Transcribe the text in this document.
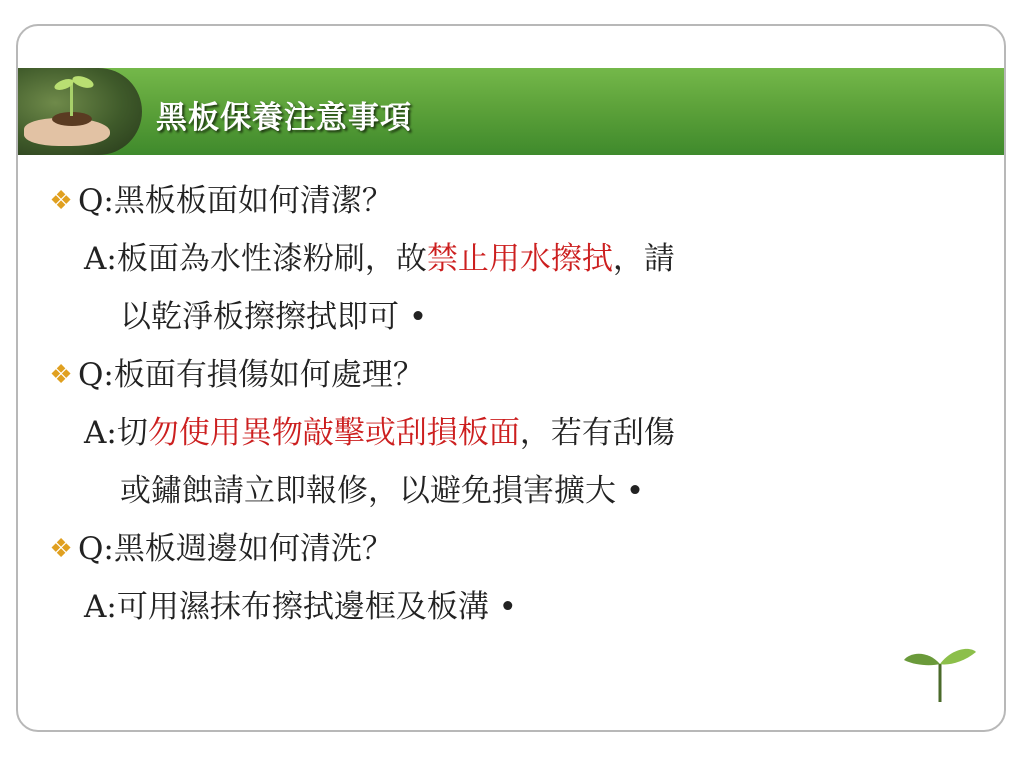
黑板保養注意事項
❖ Q:黑板板面如何清潔？
A:板面為水性漆粉刷，故禁止用水擦拭，請
以乾淨板擦擦拭即可 •
❖ Q:板面有損傷如何處理？
A:切勿使用異物敲擊或刮損板面，若有刮傷
或鏽蝕請立即報修，以避免損害擴大 •
❖ Q:黑板週邊如何清洗？
A:可用濕抹布擦拭邊框及板溝 •
